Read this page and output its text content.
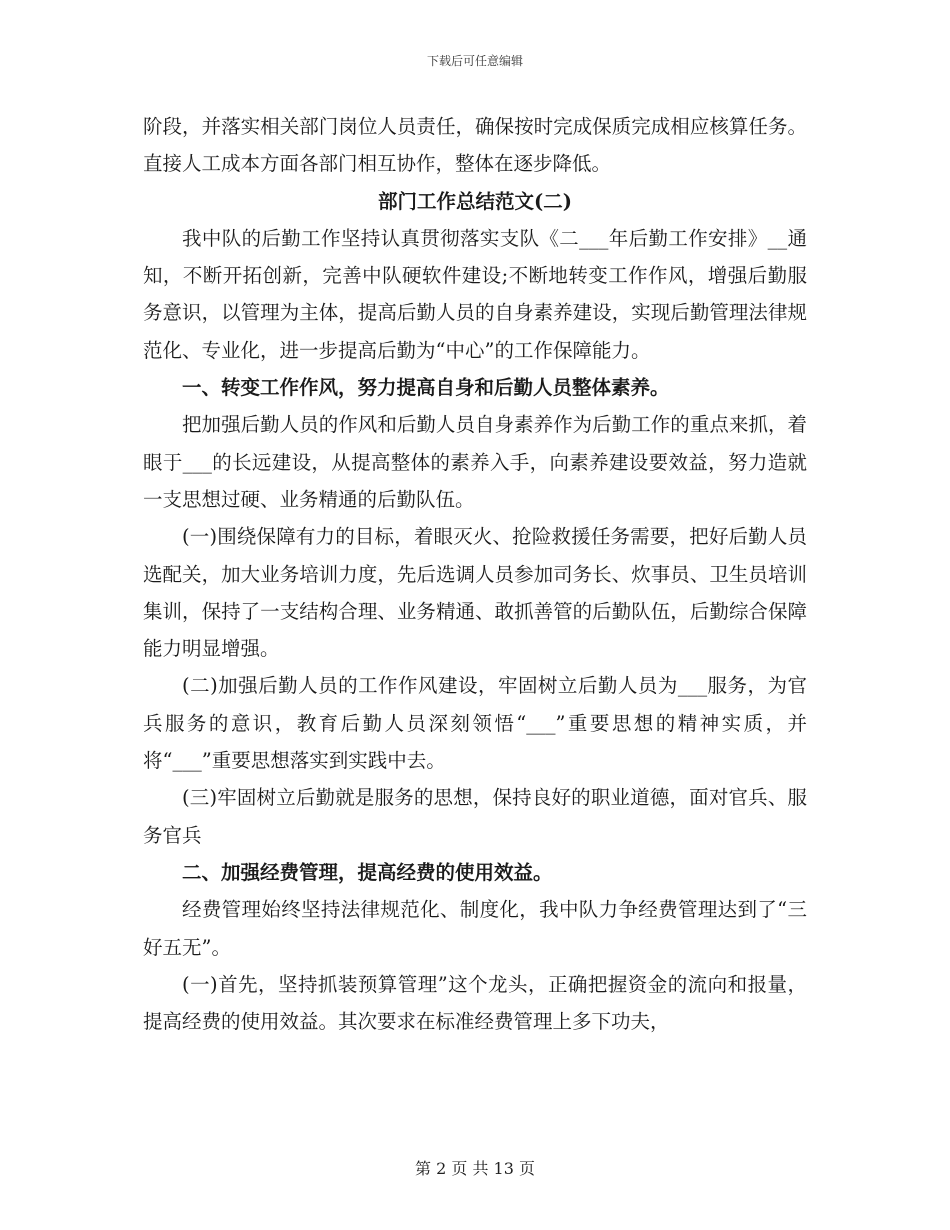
下载后可任意编辑

阶段，并落实相关部门岗位人员责任，确保按时完成保质完成相应核算任务。直接人工成本方面各部门相互协作，整体在逐步降低。

部门工作总结范文(二)

我中队的后勤工作坚持认真贯彻落实支队《二___年后勤工作安排》__通知，不断开拓创新，完善中队硬软件建设;不断地转变工作作风，增强后勤服务意识，以管理为主体，提高后勤人员的自身素养建设，实现后勤管理法律规范化、专业化，进一步提高后勤为“中心”的工作保障能力。

一、转变工作作风，努力提高自身和后勤人员整体素养。

把加强后勤人员的作风和后勤人员自身素养作为后勤工作的重点来抓，着眼于___的长远建设，从提高整体的素养入手，向素养建设要效益，努力造就一支思想过硬、业务精通的后勤队伍。

(一)围绕保障有力的目标，着眼灭火、抢险救援任务需要，把好后勤人员选配关，加大业务培训力度，先后选调人员参加司务长、炊事员、卫生员培训集训，保持了一支结构合理、业务精通、敢抓善管的后勤队伍，后勤综合保障能力明显增强。

(二)加强后勤人员的工作作风建设，牢固树立后勤人员为___服务，为官兵服务的意识，教育后勤人员深刻领悟“___”重要思想的精神实质，并将“___”重要思想落实到实践中去。

(三)牢固树立后勤就是服务的思想，保持良好的职业道德，面对官兵、服务官兵

二、加强经费管理，提高经费的使用效益。

经费管理始终坚持法律规范化、制度化，我中队力争经费管理达到了“三好五无”。

(一)首先，坚持抓装预算管理”这个龙头，正确把握资金的流向和报量，提高经费的使用效益。其次要求在标准经费管理上多下功夫，

第 2 页 共 13 页
